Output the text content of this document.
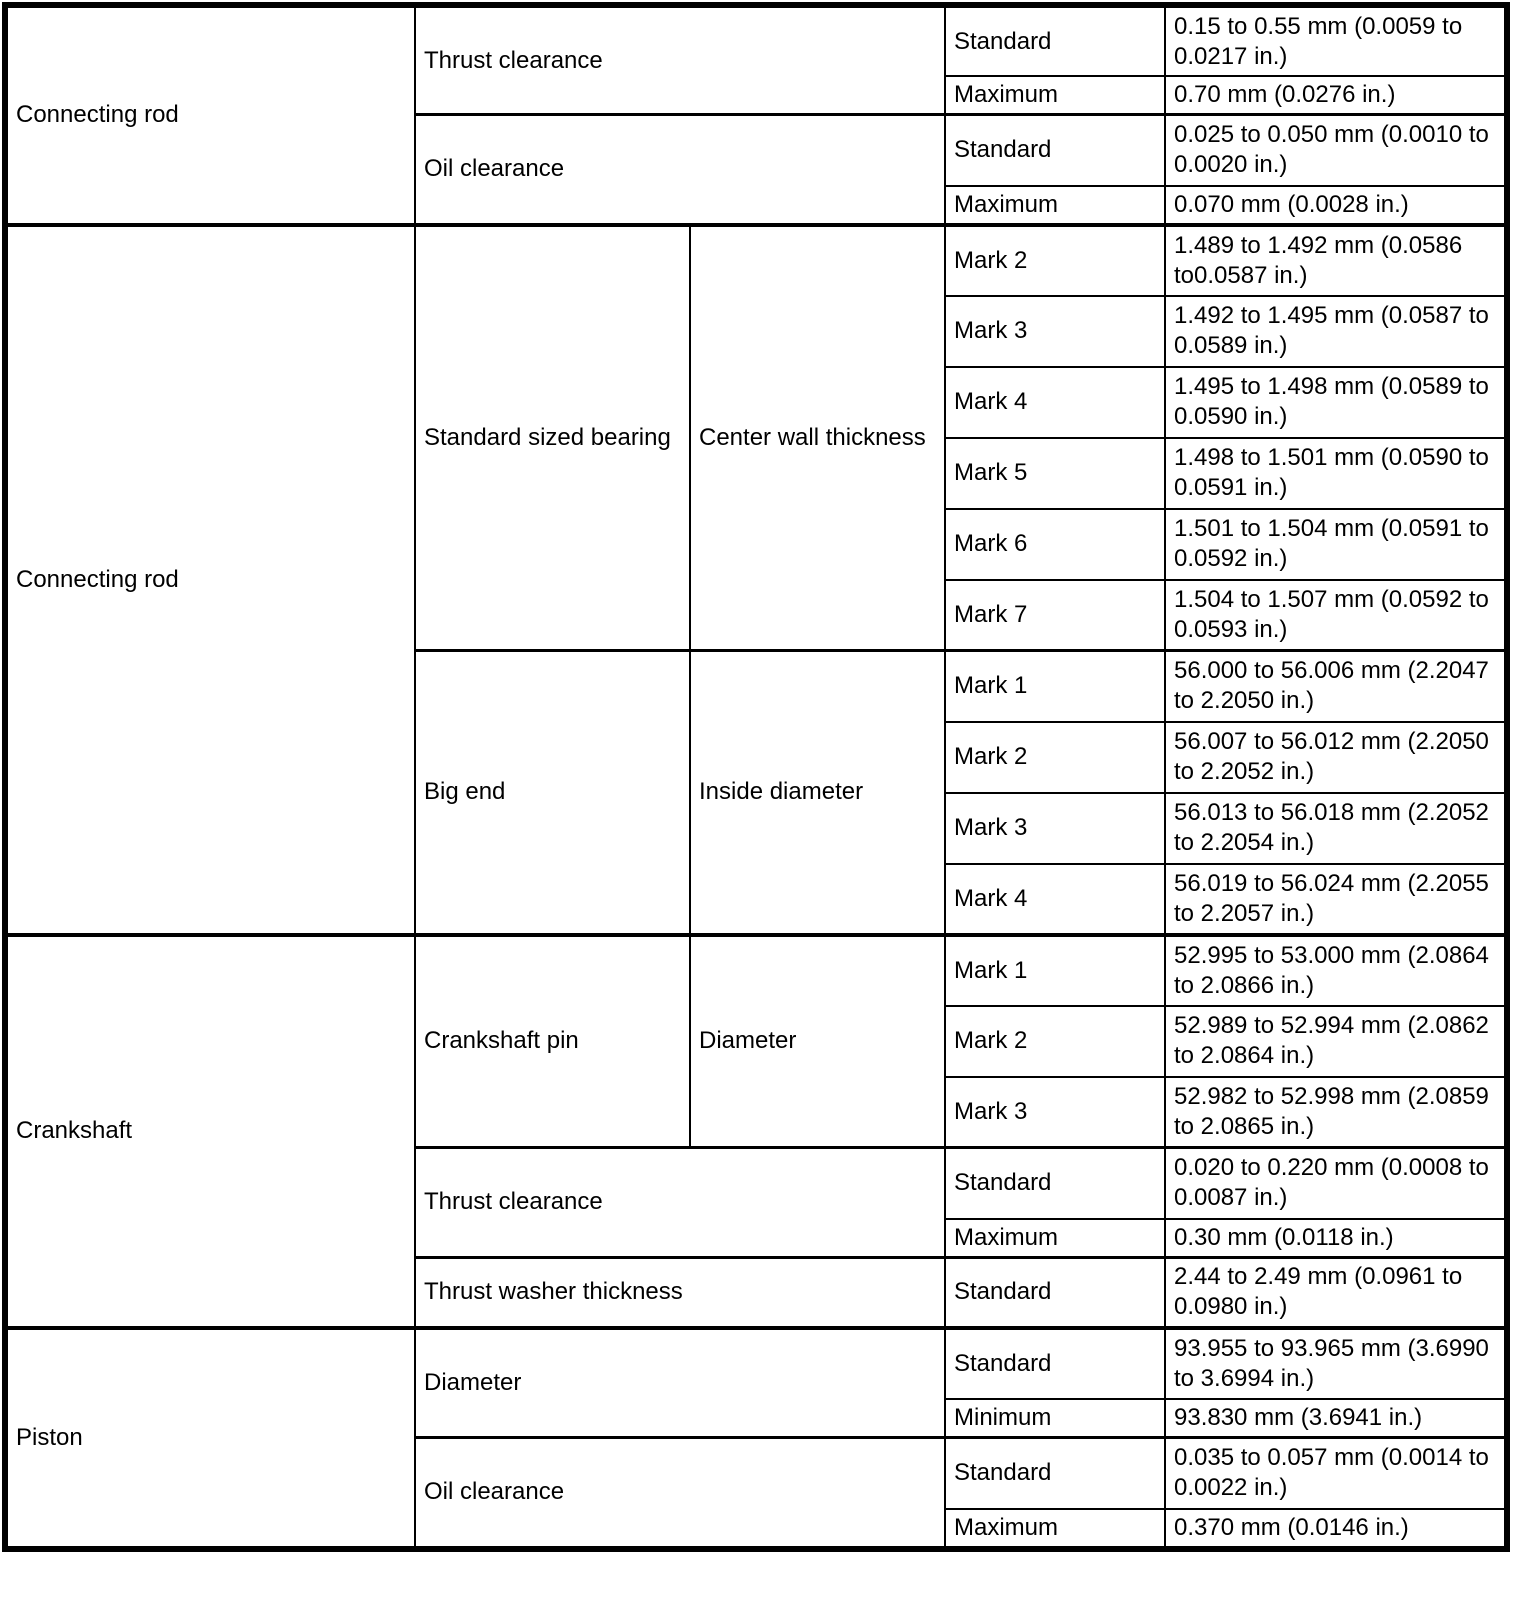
Connecting rod	Thrust clearance		Standard	0.15 to 0.55 mm (0.0059 to 0.0217 in.)
			Maximum	0.70 mm (0.0276 in.)
	Oil clearance		Standard	0.025 to 0.050 mm (0.0010 to 0.0020 in.)
			Maximum	0.070 mm (0.0028 in.)
Connecting rod	Standard sized bearing	Center wall thickness	Mark 2	1.489 to 1.492 mm (0.0586 to0.0587 in.)
			Mark 3	1.492 to 1.495 mm (0.0587 to 0.0589 in.)
			Mark 4	1.495 to 1.498 mm (0.0589 to 0.0590 in.)
			Mark 5	1.498 to 1.501 mm (0.0590 to 0.0591 in.)
			Mark 6	1.501 to 1.504 mm (0.0591 to 0.0592 in.)
			Mark 7	1.504 to 1.507 mm (0.0592 to 0.0593 in.)
	Big end	Inside diameter	Mark 1	56.000 to 56.006 mm (2.2047 to 2.2050 in.)
			Mark 2	56.007 to 56.012 mm (2.2050 to 2.2052 in.)
			Mark 3	56.013 to 56.018 mm (2.2052 to 2.2054 in.)
			Mark 4	56.019 to 56.024 mm (2.2055 to 2.2057 in.)
Crankshaft	Crankshaft pin	Diameter	Mark 1	52.995 to 53.000 mm (2.0864 to 2.0866 in.)
			Mark 2	52.989 to 52.994 mm (2.0862 to 2.0864 in.)
			Mark 3	52.982 to 52.998 mm (2.0859 to 2.0865 in.)
	Thrust clearance		Standard	0.020 to 0.220 mm (0.0008 to 0.0087 in.)
			Maximum	0.30 mm (0.0118 in.)
	Thrust washer thickness		Standard	2.44 to 2.49 mm (0.0961 to 0.0980 in.)
Piston	Diameter		Standard	93.955 to 93.965 mm (3.6990 to 3.6994 in.)
			Minimum	93.830 mm (3.6941 in.)
	Oil clearance		Standard	0.035 to 0.057 mm (0.0014 to 0.0022 in.)
			Maximum	0.370 mm (0.0146 in.)
